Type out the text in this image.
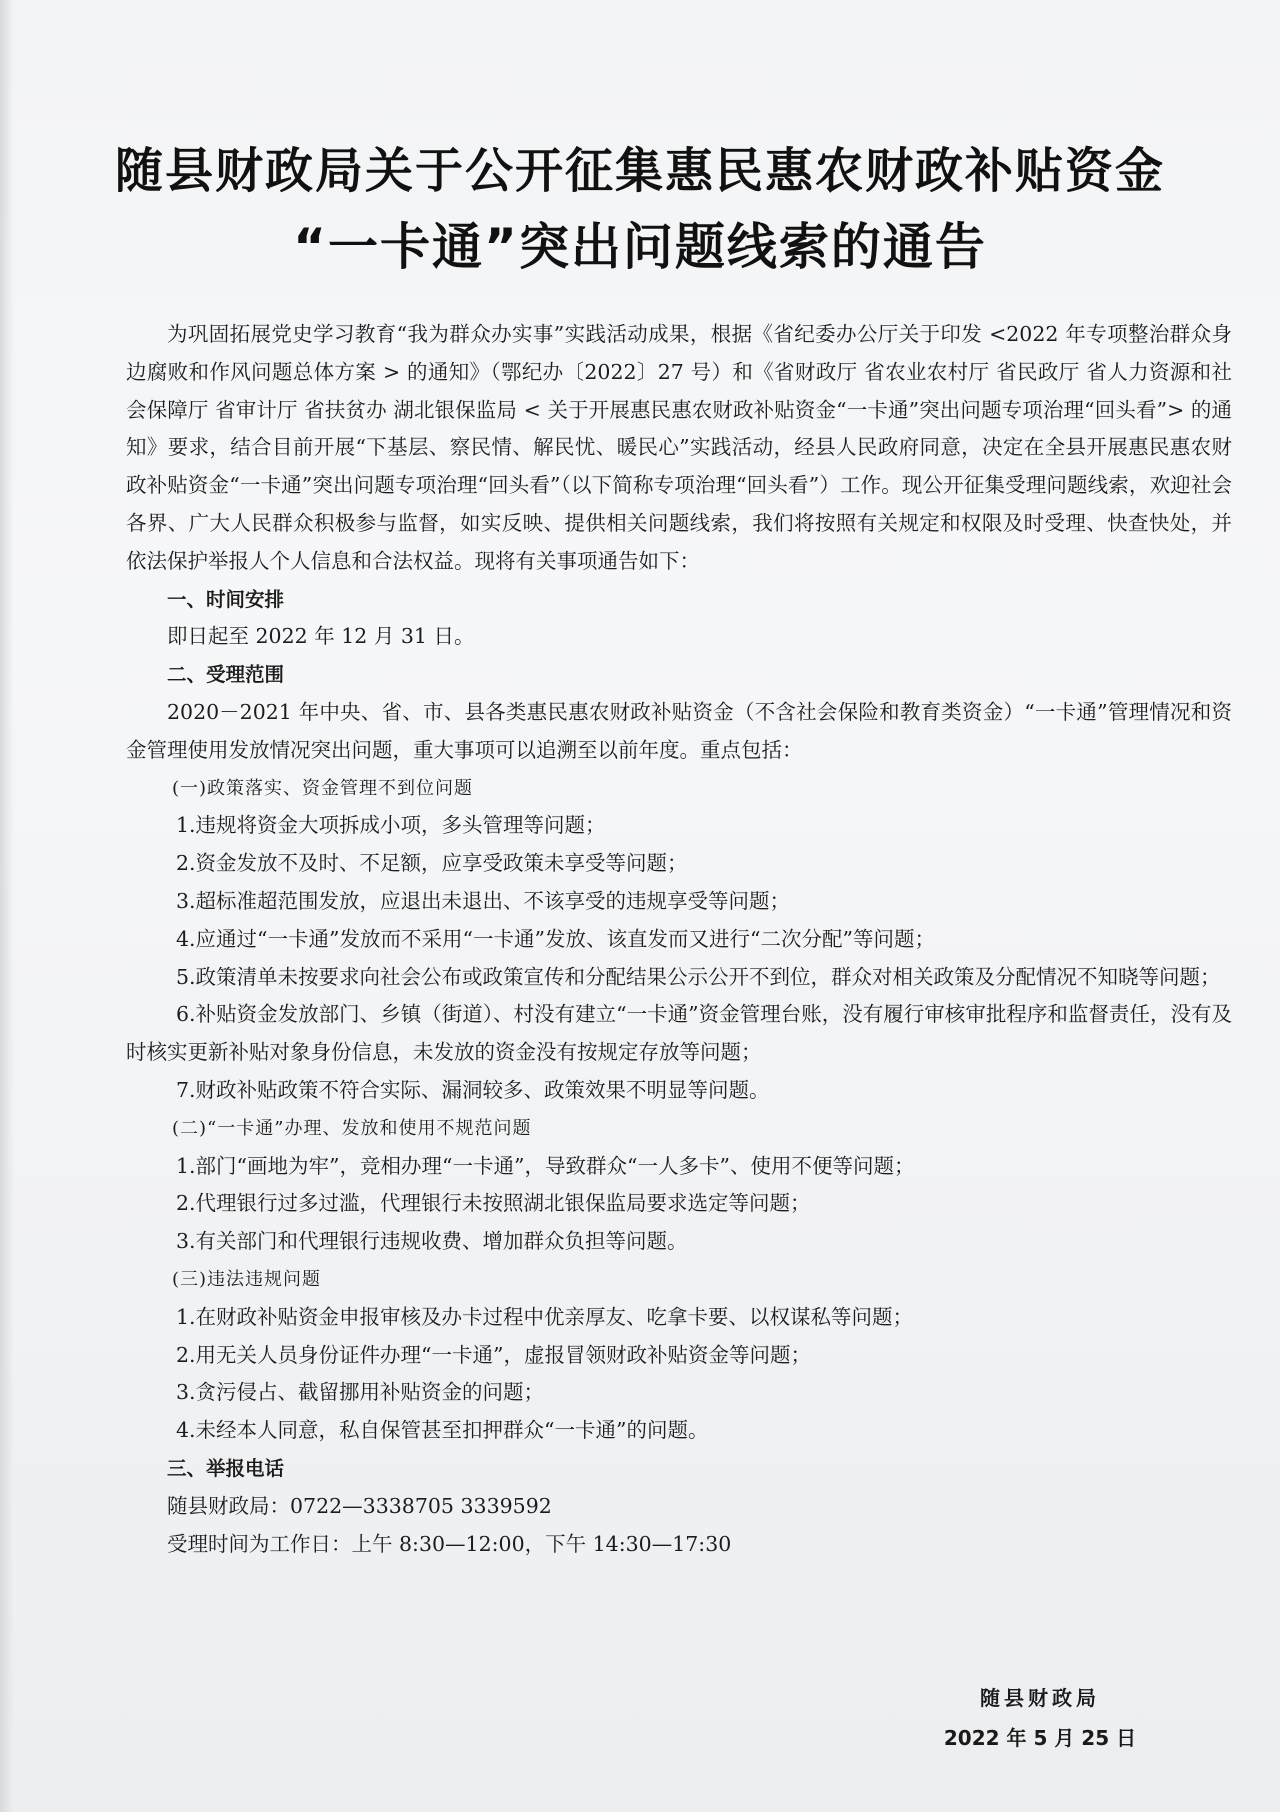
随县财政局关于公开征集惠民惠农财政补贴资金
“一卡通”突出问题线索的通告

为巩固拓展党史学习教育“我为群众办实事”实践活动成果，根据《省纪委办公厅关于印发 <2022 年专项整治群众身边腐败和作风问题总体方案 > 的通知》（鄂纪办〔2022〕27 号）和《省财政厅 省农业农村厅 省民政厅 省人力资源和社会保障厅 省审计厅 省扶贫办 湖北银保监局 < 关于开展惠民惠农财政补贴资金“一卡通”突出问题专项治理“回头看”> 的通知》要求，结合目前开展“下基层、察民情、解民忧、暖民心”实践活动，经县人民政府同意，决定在全县开展惠民惠农财政补贴资金“一卡通”突出问题专项治理“回头看”（以下简称专项治理“回头看”）工作。现公开征集受理问题线索，欢迎社会各界、广大人民群众积极参与监督，如实反映、提供相关问题线索，我们将按照有关规定和权限及时受理、快查快处，并依法保护举报人个人信息和合法权益。现将有关事项通告如下：

一、时间安排

即日起至 2022 年 12 月 31 日。

二、受理范围

2020－2021 年中央、省、市、县各类惠民惠农财政补贴资金（不含社会保险和教育类资金）“一卡通”管理情况和资金管理使用发放情况突出问题，重大事项可以追溯至以前年度。重点包括：

(一)政策落实、资金管理不到位问题

1.违规将资金大项拆成小项，多头管理等问题；

2.资金发放不及时、不足额，应享受政策未享受等问题；

3.超标准超范围发放，应退出未退出、不该享受的违规享受等问题；

4.应通过“一卡通”发放而不采用“一卡通”发放、该直发而又进行“二次分配”等问题；

5.政策清单未按要求向社会公布或政策宣传和分配结果公示公开不到位，群众对相关政策及分配情况不知晓等问题；

6.补贴资金发放部门、乡镇（街道）、村没有建立“一卡通”资金管理台账，没有履行审核审批程序和监督责任，没有及时核实更新补贴对象身份信息，未发放的资金没有按规定存放等问题；

7.财政补贴政策不符合实际、漏洞较多、政策效果不明显等问题。

(二)“一卡通”办理、发放和使用不规范问题

1.部门“画地为牢”，竞相办理“一卡通”，导致群众“一人多卡”、使用不便等问题；

2.代理银行过多过滥，代理银行未按照湖北银保监局要求选定等问题；

3.有关部门和代理银行违规收费、增加群众负担等问题。

(三)违法违规问题

1.在财政补贴资金申报审核及办卡过程中优亲厚友、吃拿卡要、以权谋私等问题；

2.用无关人员身份证件办理“一卡通”，虚报冒领财政补贴资金等问题；

3.贪污侵占、截留挪用补贴资金的问题；

4.未经本人同意，私自保管甚至扣押群众“一卡通”的问题。

三、举报电话

随县财政局：0722—3338705 3339592

受理时间为工作日：上午 8:30—12:00，下午 14:30—17:30

随县财政局
2022 年 5 月 25 日
